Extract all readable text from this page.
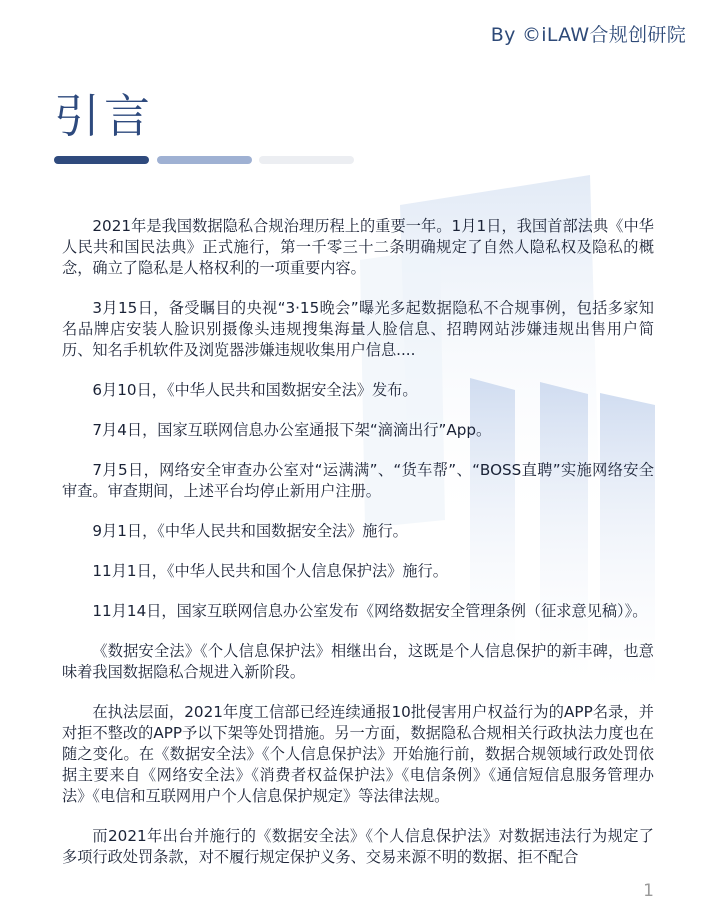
By ©iLAW合规创研院
引言

2021年是我国数据隐私合规治理历程上的重要一年。1月1日，我国首部法典《中华人民共和国民法典》正式施行，第一千零三十二条明确规定了自然人隐私权及隐私的概念，确立了隐私是人格权利的一项重要内容。

3月15日，备受瞩目的央视“3·15晚会”曝光多起数据隐私不合规事例，包括多家知名品牌店安装人脸识别摄像头违规搜集海量人脸信息、招聘网站涉嫌违规出售用户简历、知名手机软件及浏览器涉嫌违规收集用户信息....

6月10日，《中华人民共和国数据安全法》发布。

7月4日，国家互联网信息办公室通报下架“滴滴出行”App。

7月5日，网络安全审查办公室对“运满满”、“货车帮”、“BOSS直聘”实施网络安全审查。审查期间，上述平台均停止新用户注册。

9月1日，《中华人民共和国数据安全法》施行。

11月1日，《中华人民共和国个人信息保护法》施行。

11月14日，国家互联网信息办公室发布《网络数据安全管理条例（征求意见稿）》。

《数据安全法》《个人信息保护法》相继出台，这既是个人信息保护的新丰碑，也意味着我国数据隐私合规进入新阶段。

在执法层面，2021年度工信部已经连续通报10批侵害用户权益行为的APP名录，并对拒不整改的APP予以下架等处罚措施。另一方面，数据隐私合规相关行政执法力度也在随之变化。在《数据安全法》《个人信息保护法》开始施行前，数据合规领域行政处罚依据主要来自《网络安全法》《消费者权益保护法》《电信条例》《通信短信息服务管理办法》《电信和互联网用户个人信息保护规定》等法律法规。

而2021年出台并施行的《数据安全法》《个人信息保护法》对数据违法行为规定了多项行政处罚条款，对不履行规定保护义务、交易来源不明的数据、拒不配合

1
